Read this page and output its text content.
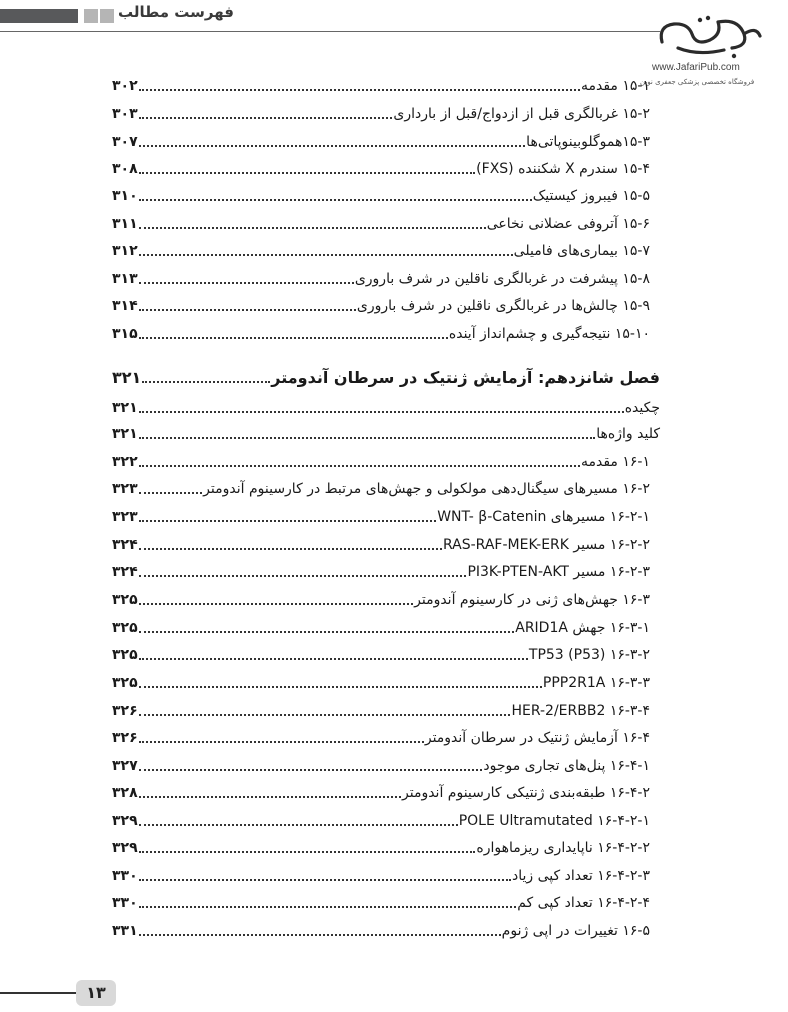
فهرست مطالب
www.JafariPub.com
فروشگاه تخصصی پزشکی جعفری نوین
۱۵-۱ مقدمه
۳۰۲
۱۵-۲ غربالگری قبل از ازدواج/قبل از بارداری
۳۰۳
۱۵-۳هموگلوبینوپاتی‌ها
۳۰۷
۱۵-۴ سندرم X شکننده (FXS)
۳۰۸
۱۵-۵ فیبروز کیستیک
۳۱۰
۱۵-۶ آتروفی عضلانی نخاعی
۳۱۱
۱۵-۷ بیماری‌های فامیلی
۳۱۲
۱۵-۸ پیشرفت در غربالگری ناقلین در شرف باروری
۳۱۳
۱۵-۹ چالش‌ها در غربالگری ناقلین در شرف باروری
۳۱۴
۱۵-۱۰ نتیجه‌گیری و چشم‌انداز آینده
۳۱۵
فصل شانزدهم: آزمایش ژنتیک در سرطان آندومتر
۳۲۱
چکیده
۳۲۱
کلید واژه‌ها
۳۲۱
۱۶-۱ مقدمه
۳۲۲
۱۶-۲ مسیرهای سیگنال‌دهی مولکولی و جهش‌های مرتبط در کارسینوم آندومتر
۳۲۳
۱۶-۲-۱ مسیرهای WNT- β-Catenin
۳۲۳
۱۶-۲-۲ مسیر RAS-RAF-MEK-ERK
۳۲۴
۱۶-۲-۳ مسیر PI3K-PTEN-AKT
۳۲۴
۱۶-۳ جهش‌های ژنی در کارسینوم آندومتر
۳۲۵
۱۶-۳-۱ جهش ARID1A
۳۲۵
۱۶-۳-۲ TP53 (P53)
۳۲۵
۱۶-۳-۳ PPP2R1A
۳۲۵
۱۶-۳-۴ HER-2/ERBB2
۳۲۶
۱۶-۴ آزمایش ژنتیک در سرطان آندومتر
۳۲۶
۱۶-۴-۱ پنل‌های تجاری موجود
۳۲۷
۱۶-۴-۲ طبقه‌بندی ژنتیکی کارسینوم آندومتر
۳۲۸
۱۶-۴-۲-۱ POLE Ultramutated
۳۲۹
۱۶-۴-۲-۲ ناپایداری ریزماهواره
۳۲۹
۱۶-۴-۲-۳ تعداد کپی زیاد
۳۳۰
۱۶-۴-۲-۴ تعداد کپی کم
۳۳۰
۱۶-۵ تغییرات در اپی ژنوم
۳۳۱
۱۳
